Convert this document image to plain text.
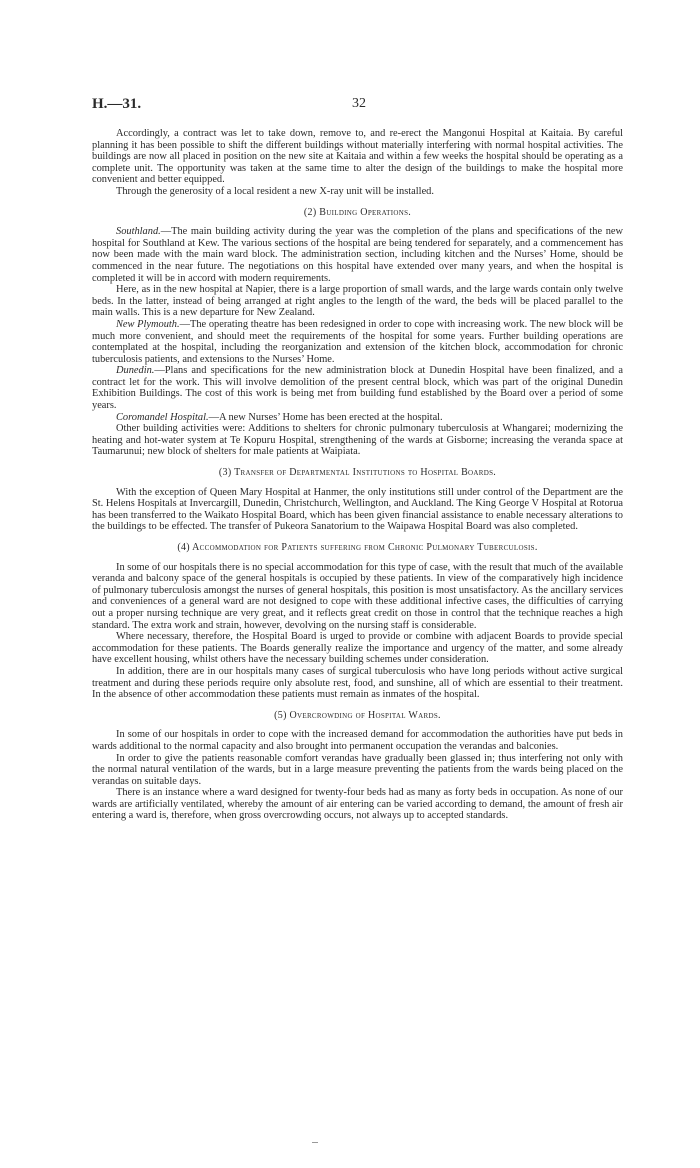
H.—31.	32

Accordingly, a contract was let to take down, remove to, and re-erect the Mangonui Hospital at Kaitaia. By careful planning it has been possible to shift the different buildings without materially interfering with normal hospital activities. The buildings are now all placed in position on the new site at Kaitaia and within a few weeks the hospital should be operating as a complete unit. The opportunity was taken at the same time to alter the design of the buildings to make the hospital more convenient and better equipped.

Through the generosity of a local resident a new X-ray unit will be installed.

(2) Building Operations.

Southland.—The main building activity during the year was the completion of the plans and specifications of the new hospital for Southland at Kew. The various sections of the hospital are being tendered for separately, and a commencement has now been made with the main ward block. The administration section, including kitchen and the Nurses’ Home, should be commenced in the near future. The negotiations on this hospital have extended over many years, and when the hospital is completed it will be in accord with modern requirements.

Here, as in the new hospital at Napier, there is a large proportion of small wards, and the large wards contain only twelve beds. In the latter, instead of being arranged at right angles to the length of the ward, the beds will be placed parallel to the main walls. This is a new departure for New Zealand.

New Plymouth.—The operating theatre has been redesigned in order to cope with increasing work. The new block will be much more convenient, and should meet the requirements of the hospital for some years. Further building operations are contemplated at the hospital, including the reorganization and extension of the kitchen block, accommodation for chronic tuberculosis patients, and extensions to the Nurses’ Home.

Dunedin.—Plans and specifications for the new administration block at Dunedin Hospital have been finalized, and a contract let for the work. This will involve demolition of the present central block, which was part of the original Dunedin Exhibition Buildings. The cost of this work is being met from building fund established by the Board over a period of some years.

Coromandel Hospital.—A new Nurses’ Home has been erected at the hospital.

Other building activities were: Additions to shelters for chronic pulmonary tuberculosis at Whangarei; modernizing the heating and hot-water system at Te Kopuru Hospital, strengthening of the wards at Gisborne; increasing the veranda space at Taumarunui; new block of shelters for male patients at Waipiata.

(3) Transfer of Departmental Institutions to Hospital Boards.

With the exception of Queen Mary Hospital at Hanmer, the only institutions still under control of the Department are the St. Helens Hospitals at Invercargill, Dunedin, Christchurch, Wellington, and Auckland. The King George V Hospital at Rotorua has been transferred to the Waikato Hospital Board, which has been given financial assistance to enable necessary alterations to the buildings to be effected. The transfer of Pukeora Sanatorium to the Waipawa Hospital Board was also completed.

(4) Accommodation for Patients suffering from Chronic Pulmonary Tuberculosis.

In some of our hospitals there is no special accommodation for this type of case, with the result that much of the available veranda and balcony space of the general hospitals is occupied by these patients. In view of the comparatively high incidence of pulmonary tuberculosis amongst the nurses of general hospitals, this position is most unsatisfactory. As the ancillary services and conveniences of a general ward are not designed to cope with these additional infective cases, the difficulties of carrying out a proper nursing technique are very great, and it reflects great credit on those in control that the technique reaches a high standard. The extra work and strain, however, devolving on the nursing staff is considerable.

Where necessary, therefore, the Hospital Board is urged to provide or combine with adjacent Boards to provide special accommodation for these patients. The Boards generally realize the importance and urgency of the matter, and some already have excellent housing, whilst others have the necessary building schemes under consideration.

In addition, there are in our hospitals many cases of surgical tuberculosis who have long periods without active surgical treatment and during these periods require only absolute rest, food, and sunshine, all of which are essential to their treatment. In the absence of other accommodation these patients must remain as inmates of the hospital.

(5) Overcrowding of Hospital Wards.

In some of our hospitals in order to cope with the increased demand for accommodation the authorities have put beds in wards additional to the normal capacity and also brought into permanent occupation the verandas and balconies.

In order to give the patients reasonable comfort verandas have gradually been glassed in; thus interfering not only with the normal natural ventilation of the wards, but in a large measure preventing the patients from the wards being placed on the verandas on suitable days.

There is an instance where a ward designed for twenty-four beds had as many as forty beds in occupation. As none of our wards are artificially ventilated, whereby the amount of air entering can be varied according to demand, the amount of fresh air entering a ward is, therefore, when gross overcrowding occurs, not always up to accepted standards.
